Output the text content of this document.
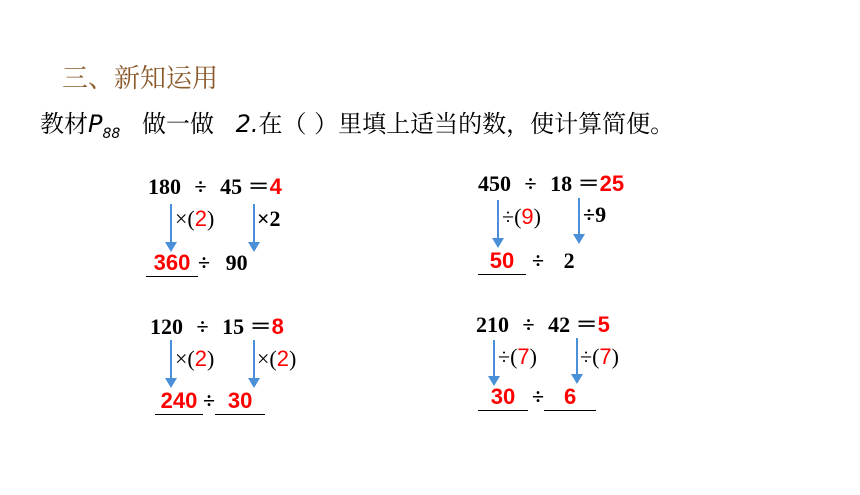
三、新知运用
教材$P_{88}$ 做一做 2.在（ ）里填上适当的数，使计算简便。
180 ÷ 45 ＝4
×(2) ×2
360 ÷ 90
450 ÷ 18 ＝25
÷(9) ÷9
50 ÷ 2
120 ÷ 15 ＝8
×(2) ×(2)
240 ÷ 30
210 ÷ 42 ＝5
÷(7) ÷(7)
30 ÷ 6
